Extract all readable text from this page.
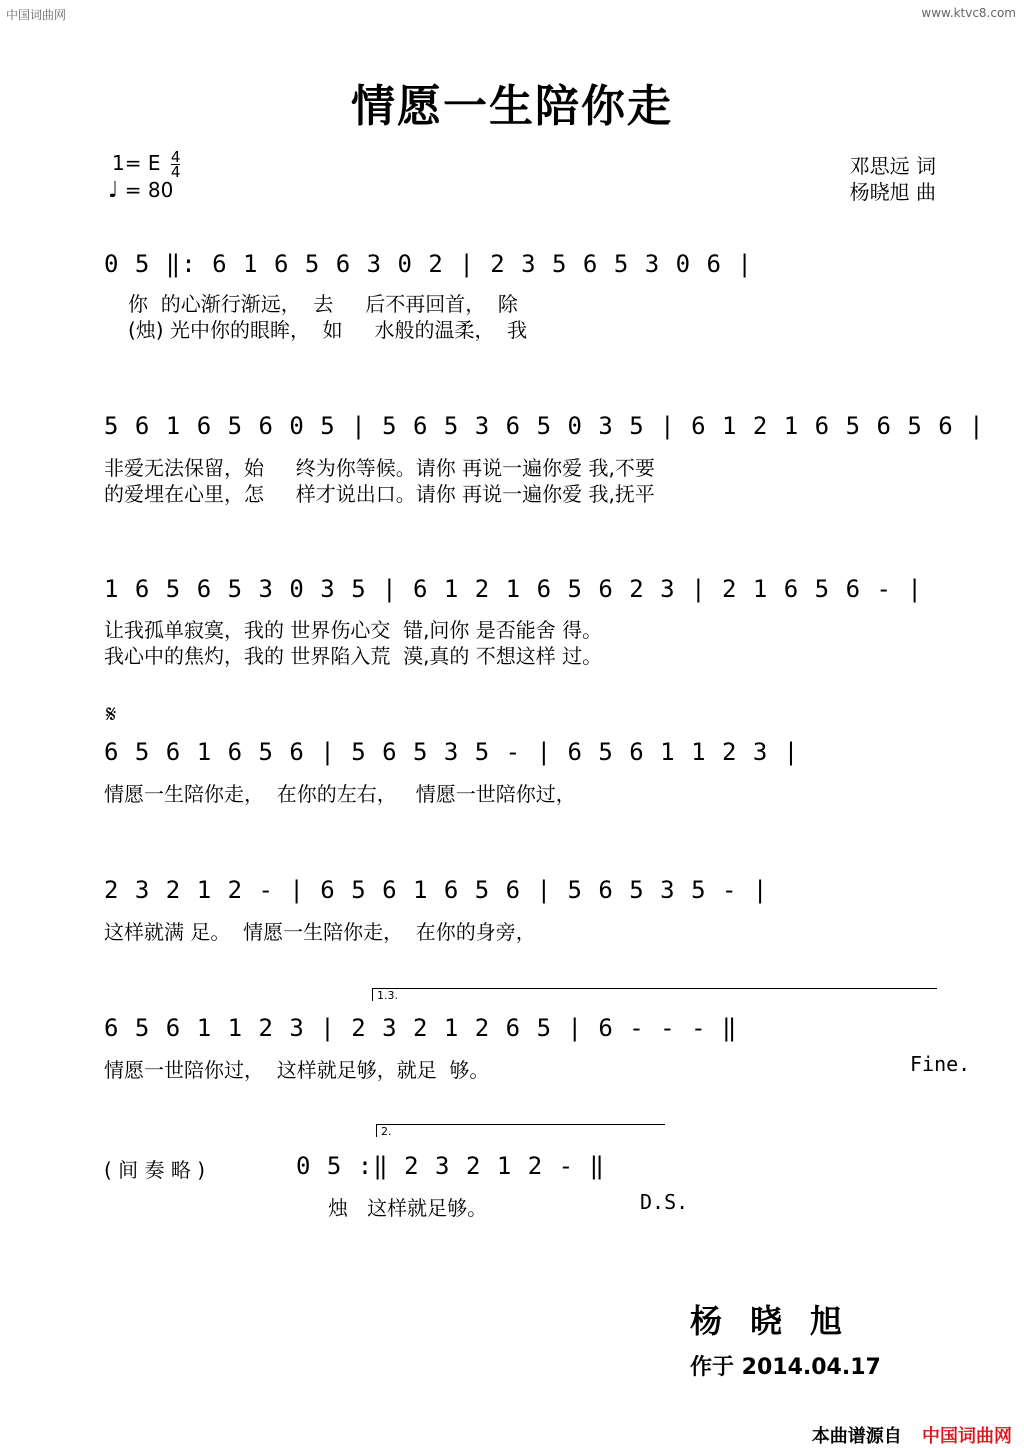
中国词曲网	www.ktvc8.com
情愿一生陪你走
1= E $\frac{4}{4}$
♩ = 80
邓思远 词
杨晓旭 曲
0 5 ‖: 6 1 6 5 6 3 0 2 | 2 3 5 6 5 3 0 6 |
你  的心渐行渐远，  去     后不再回首，  除
(烛) 光中你的眼眸，  如     水般的温柔，  我
5 6 1 6 5 6 0 5 | 5 6 5 3 6 5 0 3 5 | 6 1 2 1 6 5 6 5 6 |
非爱无法保留，始     终为你等候。请你 再说一遍你爱 我,不要
的爱埋在心里，怎     样才说出口。请你 再说一遍你爱 我,抚平
1 6 5 6 5 3 0 3 5 | 6 1 2 1 6 5 6 2 3 | 2 1 6 5 6 - |
让我孤单寂寞，我的 世界伤心交  错,问你 是否能舍 得。
我心中的焦灼，我的 世界陷入荒  漠,真的 不想这样 过。
𝄋
6 5 6 1 6 5 6 | 5 6 5 3 5 - | 6 5 6 1 1 2 3 |
情愿一生陪你走，  在你的左右，   情愿一世陪你过，
2 3 2 1 2 - | 6 5 6 1 6 5 6 | 5 6 5 3 5 - |
这样就满 足。  情愿一生陪你走，  在你的身旁，
1.3.
6 5 6 1 1 2 3 | 2 3 2 1 2 6 5 | 6 - - - ‖
情愿一世陪你过，  这样就足够，就足  够。	Fine.
2.
( 间 奏 略 )	0 5 :‖ 2 3 2 1 2 - ‖
烛   这样就足够。	D.S.
杨晓旭
作于 2014.04.17
本曲谱源自 中国词曲网
